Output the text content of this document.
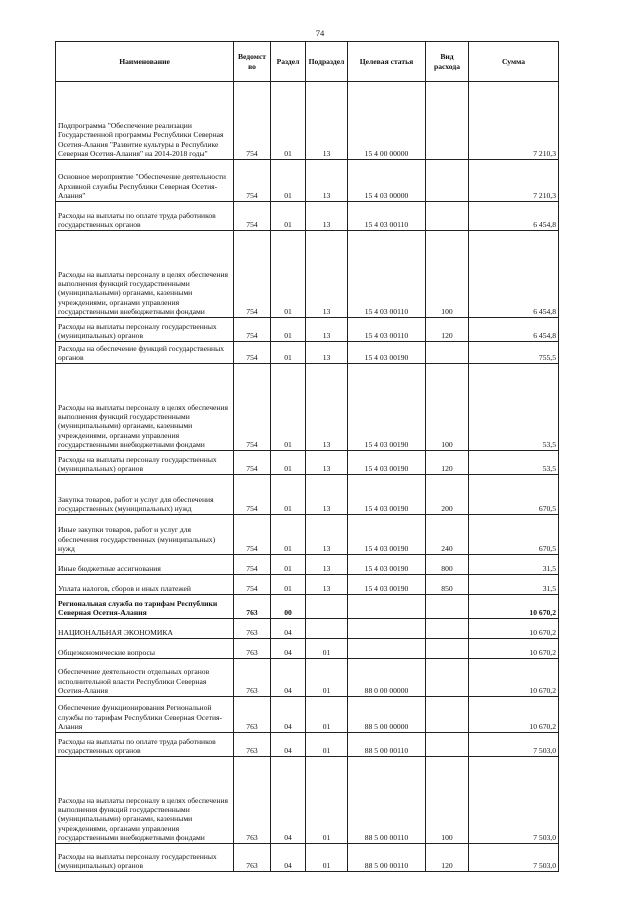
74
Наименование	Ведомст
во	Раздел	Подраздел	Целевая статья	Вид
расхода	Сумма
Подпрограмма "Обеспечение реализации Государственной программы Республики Северная Осетия-Алания "Развитие культуры в Республике Северная Осетия-Алания" на 2014-2018 годы"	754	01	13	15 4 00 00000		7 210,3
Основное мероприятие "Обеспечение деятельности Архивной службы Республики Северная Осетия-Алания"	754	01	13	15 4 03 00000		7 210,3
Расходы на выплаты по оплате труда работников государственных органов	754	01	13	15 4 03 00110		6 454,8
Расходы на выплаты персоналу в целях обеспечения выполнения функций государственными (муниципальными) органами, казенными учреждениями, органами управления государственными внебюджетными фондами	754	01	13	15 4 03 00110	100	6 454,8
Расходы на выплаты персоналу государственных (муниципальных) органов	754	01	13	15 4 03 00110	120	6 454,8
Расходы на обеспечение функций государственных органов	754	01	13	15 4 03 00190		755,5
Расходы на выплаты персоналу в целях обеспечения выполнения функций государственными (муниципальными) органами, казенными учреждениями, органами управления государственными внебюджетными фондами	754	01	13	15 4 03 00190	100	53,5
Расходы на выплаты персоналу государственных (муниципальных) органов	754	01	13	15 4 03 00190	120	53,5
Закупка товаров, работ и услуг для обеспечения государственных (муниципальных) нужд	754	01	13	15 4 03 00190	200	670,5
Иные закупки товаров, работ и услуг для обеспечения государственных (муниципальных) нужд	754	01	13	15 4 03 00190	240	670,5
Иные бюджетные ассигнования	754	01	13	15 4 03 00190	800	31,5
Уплата налогов, сборов и иных платежей	754	01	13	15 4 03 00190	850	31,5
Региональная служба по тарифам Республики Северная Осетия-Алания	763	00				10 670,2
НАЦИОНАЛЬНАЯ ЭКОНОМИКА	763	04				10 670,2
Общеэкономические вопросы	763	04	01			10 670,2
Обеспечение деятельности отдельных органов исполнительной власти Республики Северная Осетия-Алания	763	04	01	88 0 00 00000		10 670,2
Обеспечение функционирования Региональной службы по тарифам Республики Северная Осетия-Алания	763	04	01	88 5 00 00000		10 670,2
Расходы на выплаты по оплате труда работников государственных органов	763	04	01	88 5 00 00110		7 503,0
Расходы на выплаты персоналу в целях обеспечения выполнения функций государственными (муниципальными) органами, казенными учреждениями, органами управления государственными внебюджетными фондами	763	04	01	88 5 00 00110	100	7 503,0
Расходы на выплаты персоналу государственных (муниципальных) органов	763	04	01	88 5 00 00110	120	7 503,0
